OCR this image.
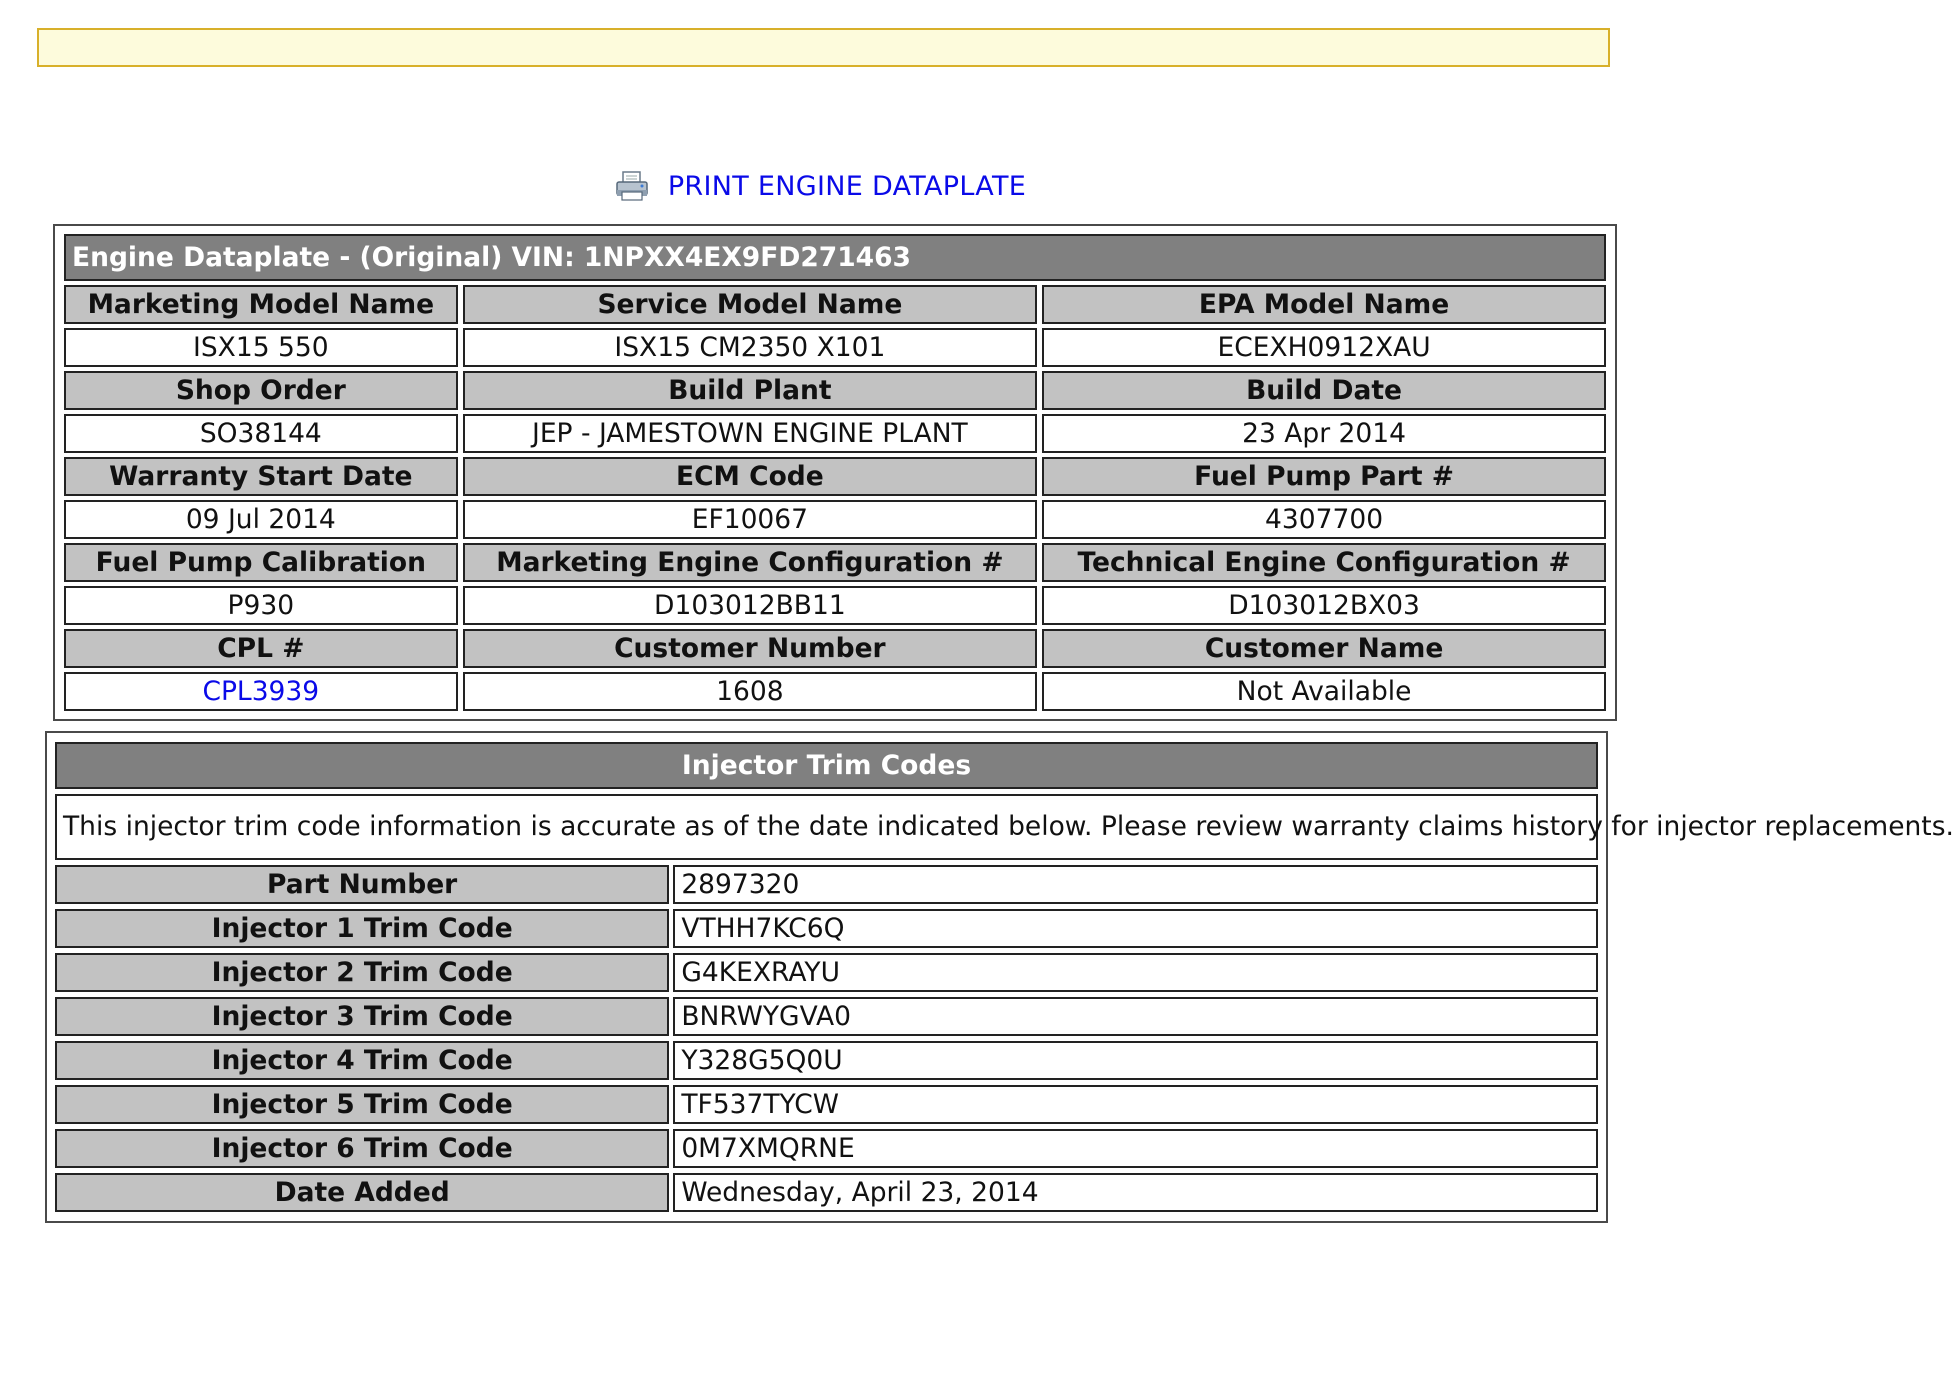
PRINT ENGINE DATAPLATE
Engine Dataplate - (Original) VIN: 1NPXX4EX9FD271463		
Marketing Model Name	Service Model Name	EPA Model Name
ISX15 550	ISX15 CM2350 X101	ECEXH0912XAU
Shop Order	Build Plant	Build Date
SO38144	JEP - JAMESTOWN ENGINE PLANT	23 Apr 2014
Warranty Start Date	ECM Code	Fuel Pump Part #
09 Jul 2014	EF10067	4307700
Fuel Pump Calibration	Marketing Engine Configuration #	Technical Engine Configuration #
P930	D103012BB11	D103012BX03
CPL #	Customer Number	Customer Name
CPL3939	1608	Not Available
Injector Trim Codes	
This injector trim code information is accurate as of the date indicated below. Please review warranty claims history for injector replacements.	
Part Number	2897320
Injector 1 Trim Code	VTHH7KC6Q
Injector 2 Trim Code	G4KEXRAYU
Injector 3 Trim Code	BNRWYGVA0
Injector 4 Trim Code	Y328G5Q0U
Injector 5 Trim Code	TF537TYCW
Injector 6 Trim Code	0M7XMQRNE
Date Added	Wednesday, April 23, 2014
